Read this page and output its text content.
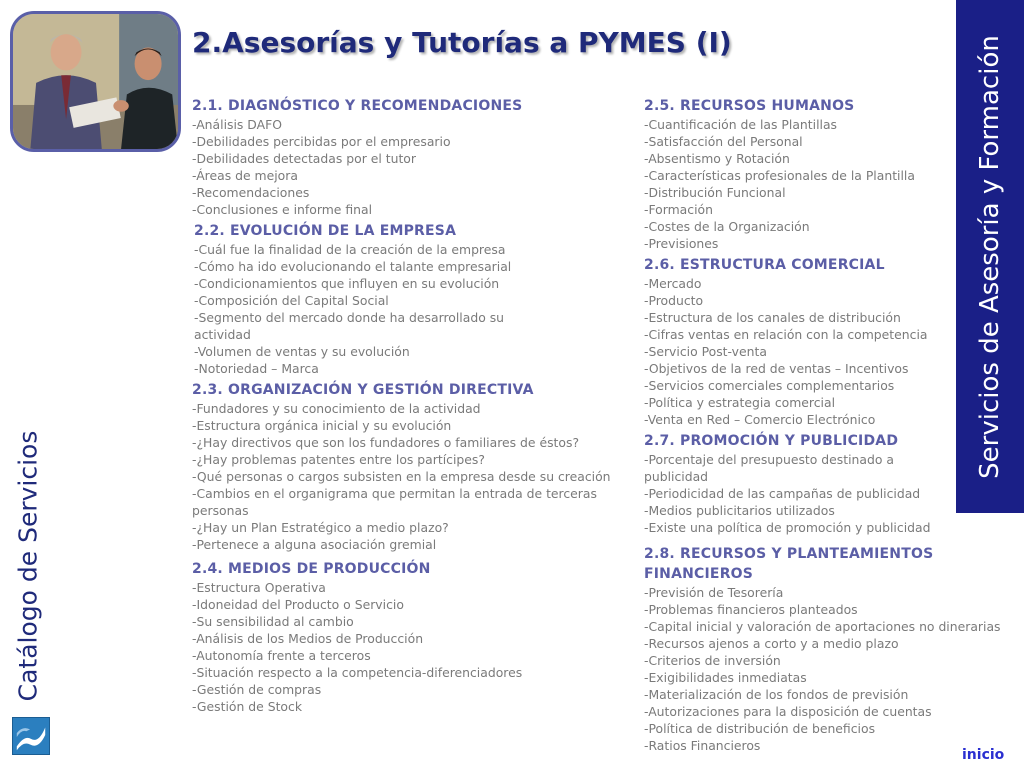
2.Asesorías y Tutorías a PYMES (I)
2.1. DIAGNÓSTICO Y RECOMENDACIONES
-Análisis DAFO
-Debilidades percibidas por el empresario
-Debilidades detectadas por el tutor
-Áreas de mejora
-Recomendaciones
-Conclusiones e informe final
2.2. EVOLUCIÓN DE LA EMPRESA
-Cuál fue la finalidad de la creación de la empresa
-Cómo ha ido evolucionando el talante empresarial
-Condicionamientos que influyen en su evolución
-Composición del Capital Social
-Segmento del mercado donde ha desarrollado su actividad
-Volumen de ventas y su evolución
-Notoriedad – Marca
2.3. ORGANIZACIÓN Y GESTIÓN DIRECTIVA
-Fundadores y su conocimiento de la actividad
-Estructura orgánica inicial y su evolución
-¿Hay directivos que son los fundadores o familiares de éstos?
-¿Hay problemas patentes entre los partícipes?
-Qué personas o cargos subsisten en la empresa desde su creación
-Cambios en el organigrama que permitan la entrada de terceras personas
-¿Hay un Plan Estratégico a medio plazo?
-Pertenece a alguna asociación gremial
2.4. MEDIOS DE PRODUCCIÓN
-Estructura Operativa
-Idoneidad del Producto o Servicio
-Su sensibilidad al cambio
-Análisis de los Medios de Producción
-Autonomía frente a terceros
-Situación respecto a la competencia-diferenciadores
-Gestión de compras
-Gestión de Stock
2.5. RECURSOS HUMANOS
-Cuantificación de las Plantillas
-Satisfacción del Personal
-Absentismo y Rotación
-Características profesionales de la Plantilla
-Distribución Funcional
-Formación
-Costes de la Organización
-Previsiones
2.6. ESTRUCTURA COMERCIAL
-Mercado
-Producto
-Estructura de los canales de distribución
-Cifras ventas en relación con la competencia
-Servicio Post-venta
-Objetivos de la red de ventas – Incentivos
-Servicios comerciales complementarios
-Política y estrategia comercial
-Venta en Red – Comercio Electrónico
2.7. PROMOCIÓN Y PUBLICIDAD
-Porcentaje del presupuesto destinado a publicidad
-Periodicidad de las campañas de publicidad
-Medios publicitarios utilizados
-Existe una política de promoción y publicidad
2.8. RECURSOS Y PLANTEAMIENTOS FINANCIEROS
-Previsión de Tesorería
-Problemas financieros planteados
-Capital inicial y valoración de aportaciones no dinerarias
-Recursos ajenos a corto y a medio plazo
-Criterios de inversión
-Exigibilidades inmediatas
-Materialización de los fondos de previsión
-Autorizaciones para la disposición de cuentas
-Política de distribución de beneficios
-Ratios Financieros
Servicios de Asesoría y Formación
Catálogo de Servicios
inicio
